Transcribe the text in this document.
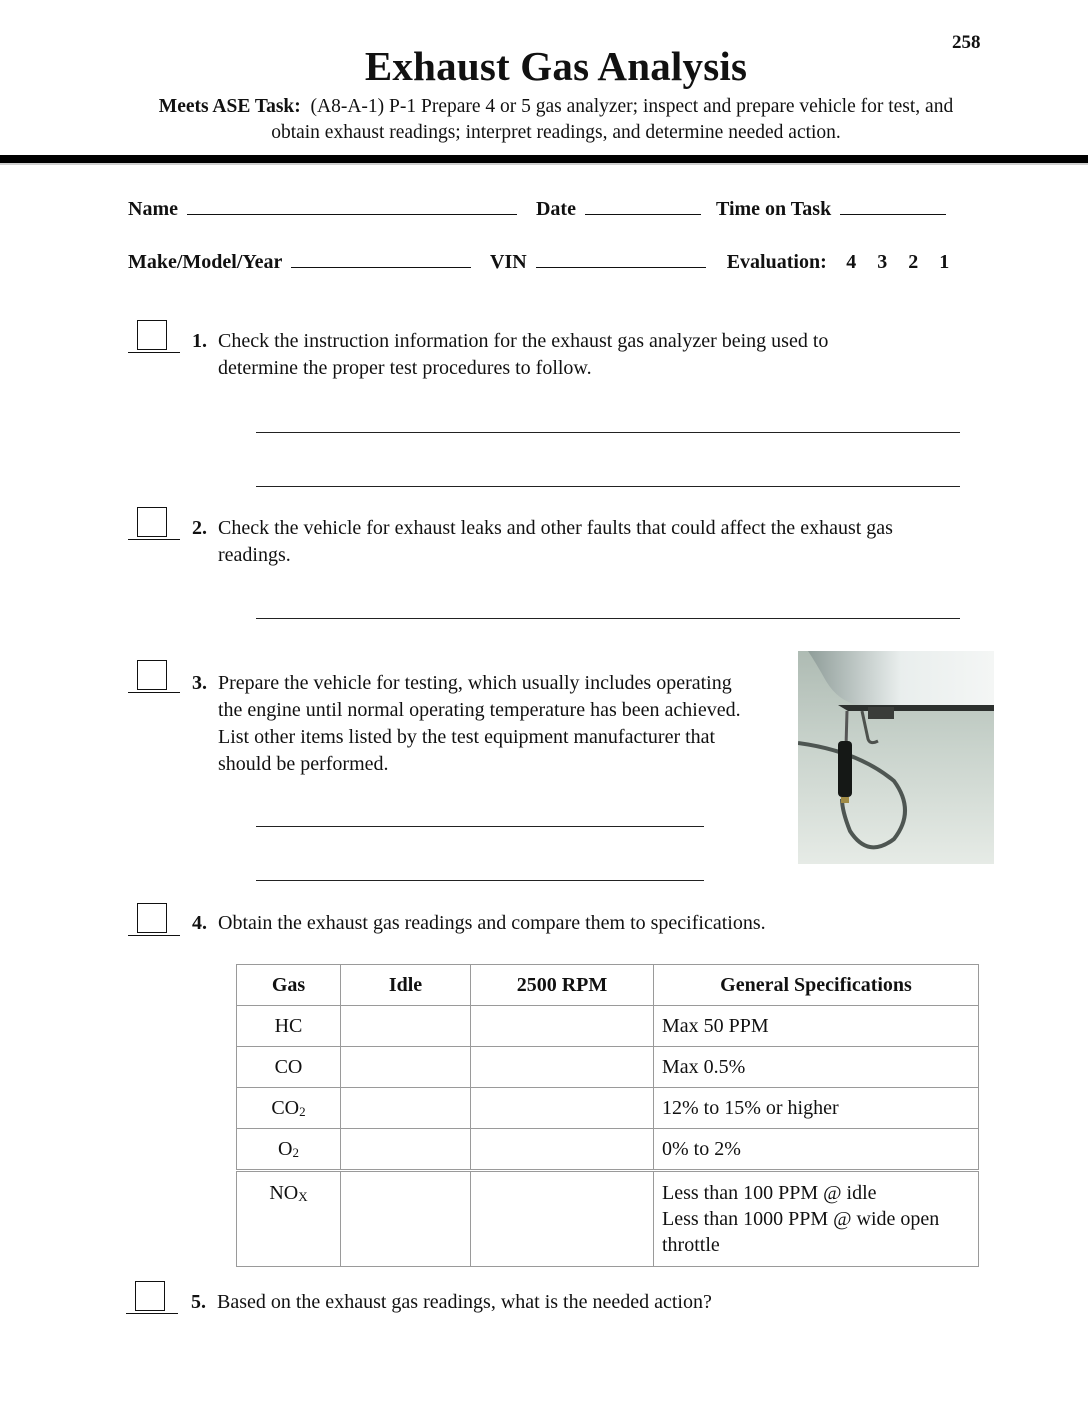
258
Exhaust Gas Analysis
Meets ASE Task: (A8-A-1) P-1 Prepare 4 or 5 gas analyzer; inspect and prepare vehicle for test, and
obtain exhaust readings; interpret readings, and determine needed action.
Name	Date	Time on Task
Make/Model/Year	VIN	Evaluation: 4 3 2 1
1. Check the instruction information for the exhaust gas analyzer being used to
determine the proper test procedures to follow.
2. Check the vehicle for exhaust leaks and other faults that could affect the exhaust gas
readings.
3. Prepare the vehicle for testing, which usually includes operating
the engine until normal operating temperature has been achieved.
List other items listed by the test equipment manufacturer that
should be performed.
4. Obtain the exhaust gas readings and compare them to specifications.
Gas	Idle	2500 RPM	General Specifications
HC			Max 50 PPM
CO			Max 0.5%
CO2			12% to 15% or higher
O2			0% to 2%
NOX			Less than 100 PPM @ idle
Less than 1000 PPM @ wide open
throttle
5. Based on the exhaust gas readings, what is the needed action?
